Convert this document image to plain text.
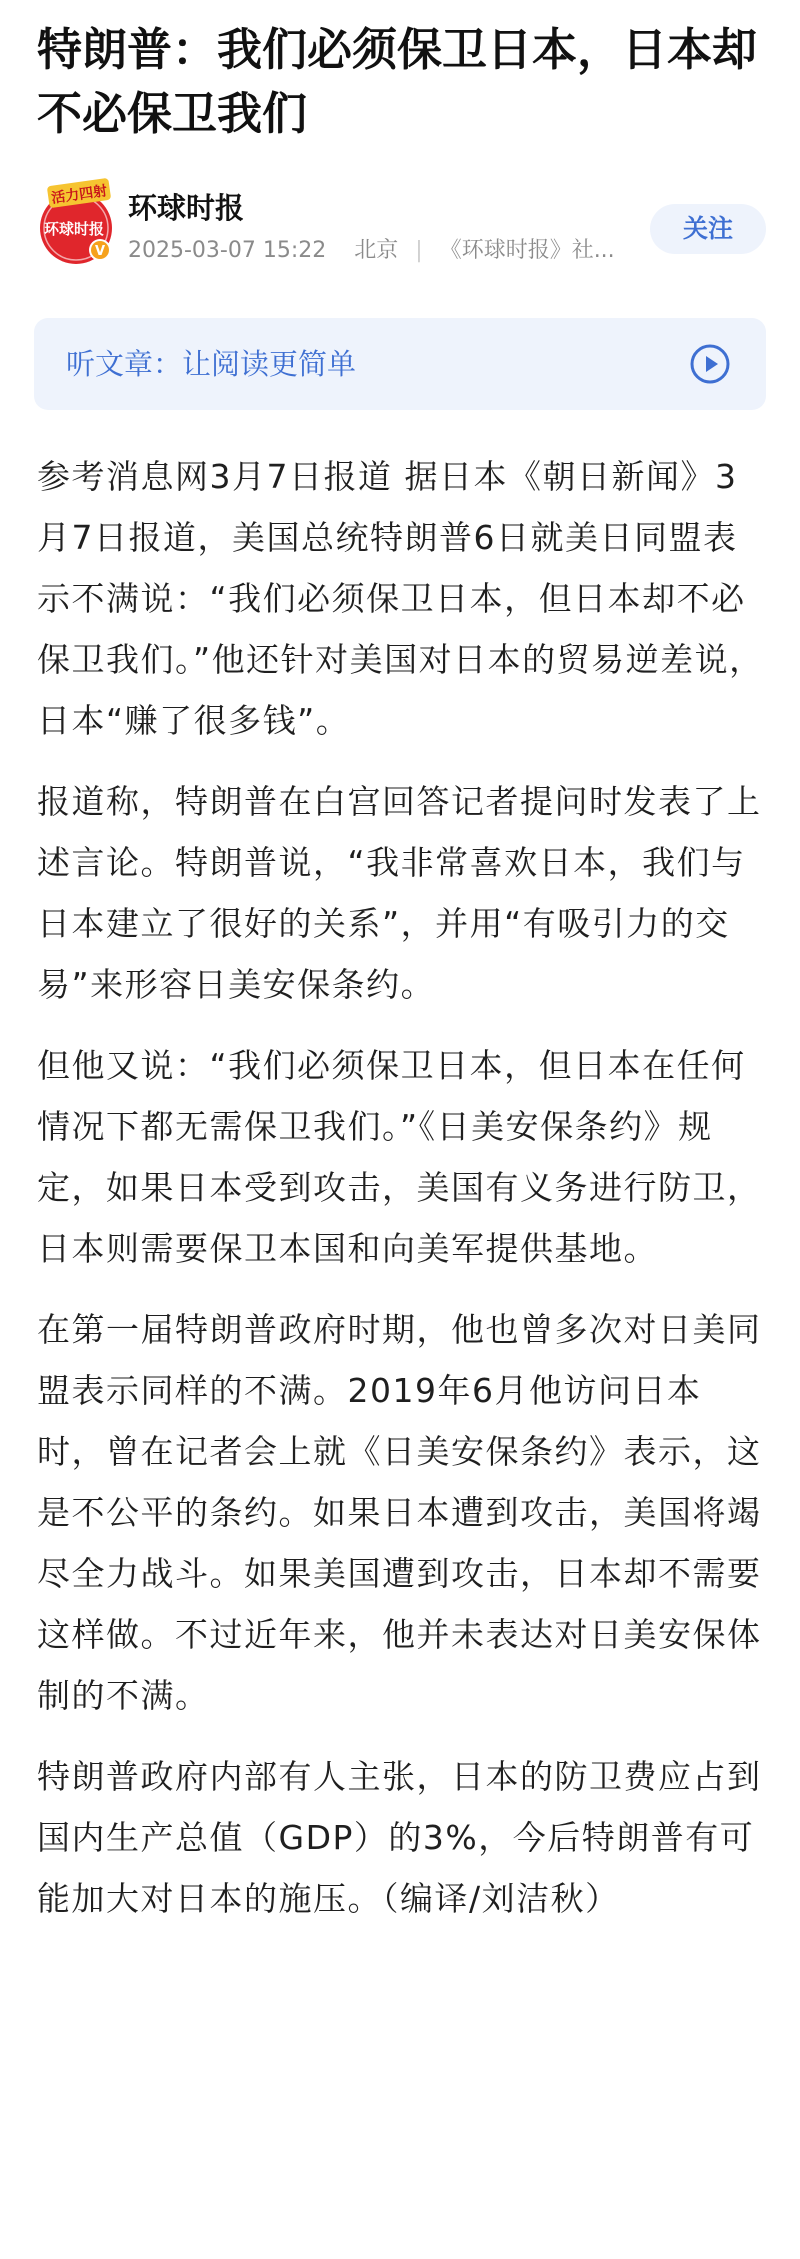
特朗普：我们必须保卫日本，日本却不必保卫我们
活力四射
环球时报
V
环球时报
2025-03-07 15:22 北京 | 《环球时报》社...
关注
听文章：让阅读更简单

参考消息网3月7日报道 据日本《朝日新闻》3月7日报道，美国总统特朗普6日就美日同盟表示不满说：“我们必须保卫日本，但日本却不必保卫我们。”他还针对美国对日本的贸易逆差说，日本“赚了很多钱”。

报道称，特朗普在白宫回答记者提问时发表了上述言论。特朗普说，“我非常喜欢日本，我们与日本建立了很好的关系”，并用“有吸引力的交易”来形容日美安保条约。

但他又说：“我们必须保卫日本，但日本在任何情况下都无需保卫我们。”《日美安保条约》规定，如果日本受到攻击，美国有义务进行防卫，日本则需要保卫本国和向美军提供基地。

在第一届特朗普政府时期，他也曾多次对日美同盟表示同样的不满。2019年6月他访问日本时，曾在记者会上就《日美安保条约》表示，这是不公平的条约。如果日本遭到攻击，美国将竭尽全力战斗。如果美国遭到攻击，日本却不需要这样做。不过近年来，他并未表达对日美安保体制的不满。

特朗普政府内部有人主张，日本的防卫费应占到国内生产总值（GDP）的3%，今后特朗普有可能加大对日本的施压。（编译/刘洁秋）
